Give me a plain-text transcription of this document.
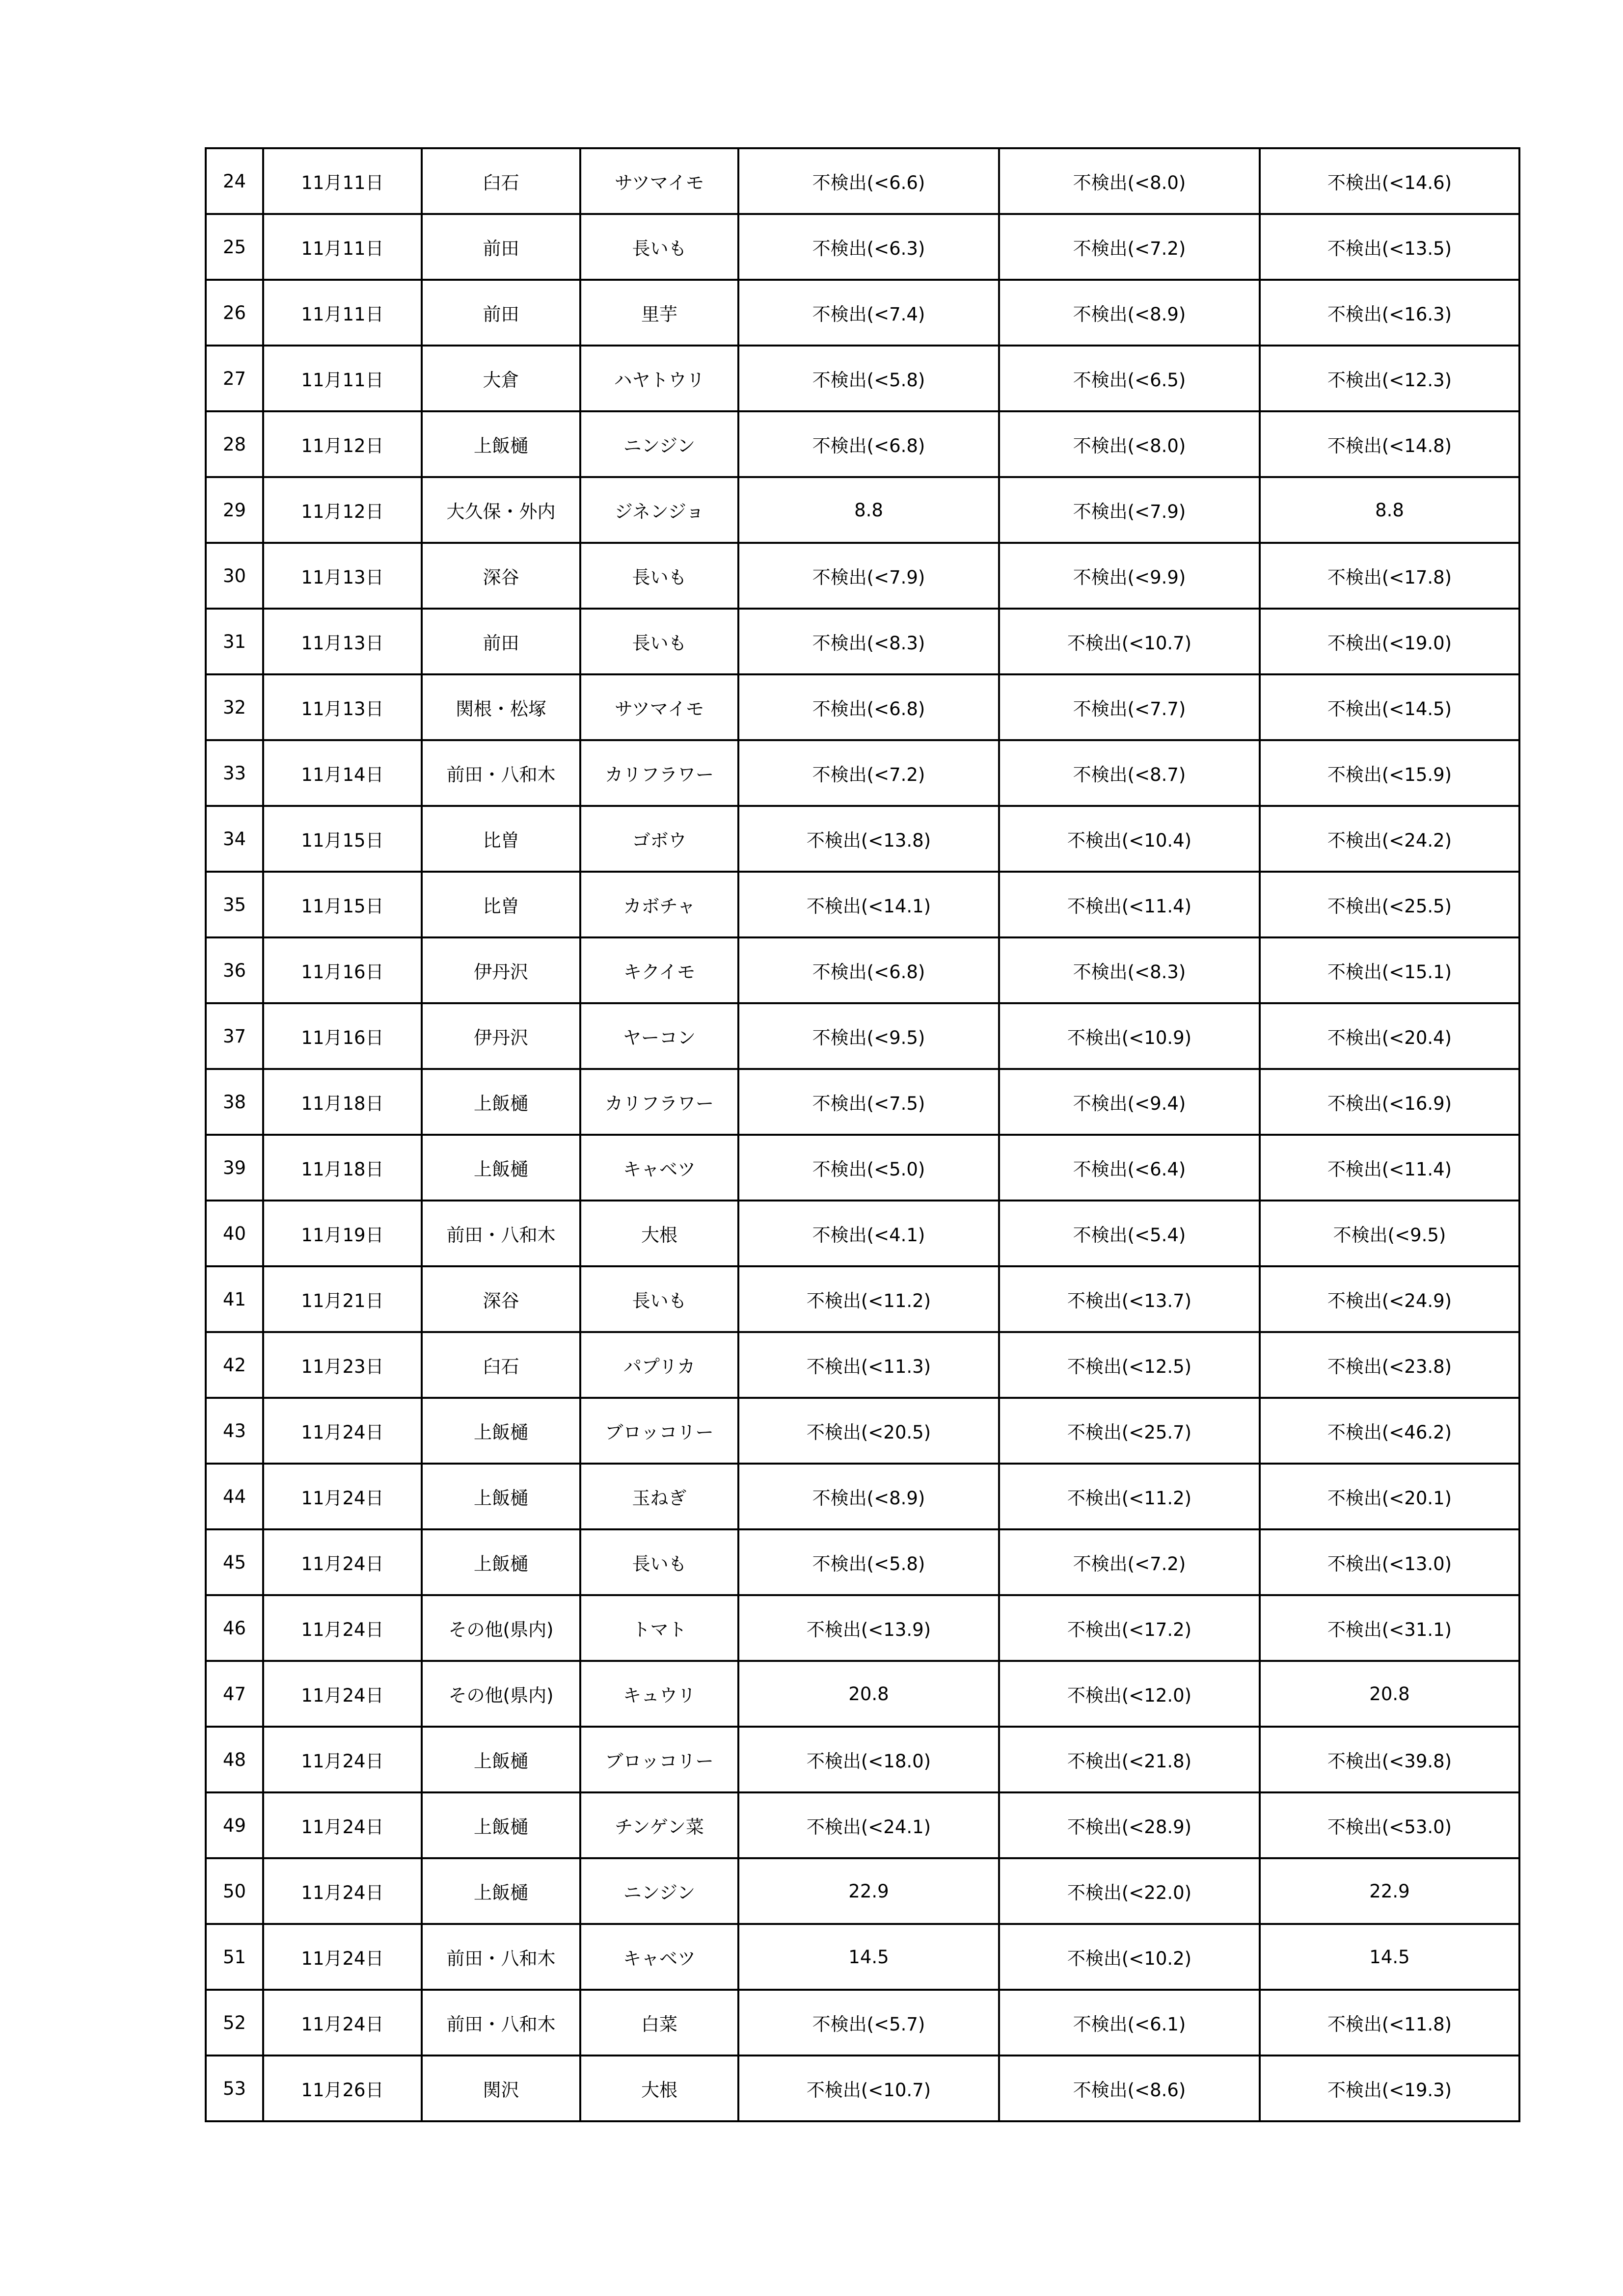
24	11月11日	臼石	サツマイモ	不検出(<6.6)	不検出(<8.0)	不検出(<14.6)
25	11月11日	前田	長いも	不検出(<6.3)	不検出(<7.2)	不検出(<13.5)
26	11月11日	前田	里芋	不検出(<7.4)	不検出(<8.9)	不検出(<16.3)
27	11月11日	大倉	ハヤトウリ	不検出(<5.8)	不検出(<6.5)	不検出(<12.3)
28	11月12日	上飯樋	ニンジン	不検出(<6.8)	不検出(<8.0)	不検出(<14.8)
29	11月12日	大久保・外内	ジネンジョ	8.8	不検出(<7.9)	8.8
30	11月13日	深谷	長いも	不検出(<7.9)	不検出(<9.9)	不検出(<17.8)
31	11月13日	前田	長いも	不検出(<8.3)	不検出(<10.7)	不検出(<19.0)
32	11月13日	関根・松塚	サツマイモ	不検出(<6.8)	不検出(<7.7)	不検出(<14.5)
33	11月14日	前田・八和木	カリフラワー	不検出(<7.2)	不検出(<8.7)	不検出(<15.9)
34	11月15日	比曽	ゴボウ	不検出(<13.8)	不検出(<10.4)	不検出(<24.2)
35	11月15日	比曽	カボチャ	不検出(<14.1)	不検出(<11.4)	不検出(<25.5)
36	11月16日	伊丹沢	キクイモ	不検出(<6.8)	不検出(<8.3)	不検出(<15.1)
37	11月16日	伊丹沢	ヤーコン	不検出(<9.5)	不検出(<10.9)	不検出(<20.4)
38	11月18日	上飯樋	カリフラワー	不検出(<7.5)	不検出(<9.4)	不検出(<16.9)
39	11月18日	上飯樋	キャベツ	不検出(<5.0)	不検出(<6.4)	不検出(<11.4)
40	11月19日	前田・八和木	大根	不検出(<4.1)	不検出(<5.4)	不検出(<9.5)
41	11月21日	深谷	長いも	不検出(<11.2)	不検出(<13.7)	不検出(<24.9)
42	11月23日	臼石	パプリカ	不検出(<11.3)	不検出(<12.5)	不検出(<23.8)
43	11月24日	上飯樋	ブロッコリー	不検出(<20.5)	不検出(<25.7)	不検出(<46.2)
44	11月24日	上飯樋	玉ねぎ	不検出(<8.9)	不検出(<11.2)	不検出(<20.1)
45	11月24日	上飯樋	長いも	不検出(<5.8)	不検出(<7.2)	不検出(<13.0)
46	11月24日	その他(県内)	トマト	不検出(<13.9)	不検出(<17.2)	不検出(<31.1)
47	11月24日	その他(県内)	キュウリ	20.8	不検出(<12.0)	20.8
48	11月24日	上飯樋	ブロッコリー	不検出(<18.0)	不検出(<21.8)	不検出(<39.8)
49	11月24日	上飯樋	チンゲン菜	不検出(<24.1)	不検出(<28.9)	不検出(<53.0)
50	11月24日	上飯樋	ニンジン	22.9	不検出(<22.0)	22.9
51	11月24日	前田・八和木	キャベツ	14.5	不検出(<10.2)	14.5
52	11月24日	前田・八和木	白菜	不検出(<5.7)	不検出(<6.1)	不検出(<11.8)
53	11月26日	関沢	大根	不検出(<10.7)	不検出(<8.6)	不検出(<19.3)
